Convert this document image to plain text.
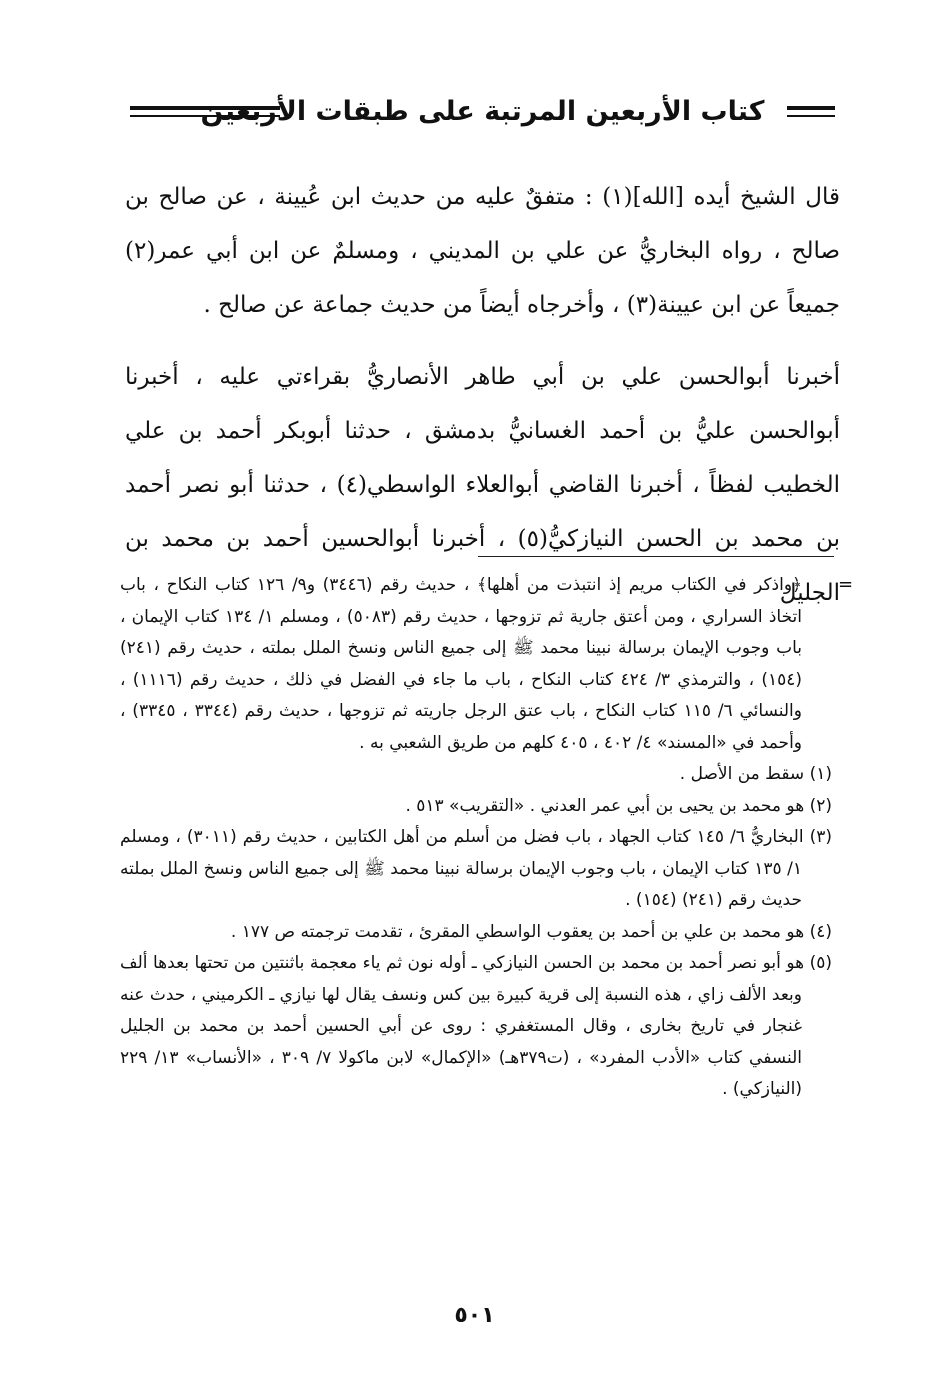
كتاب الأربعين المرتبة على طبقات الأربعين

قال الشيخ أيده [الله](١) : متفقٌ عليه من حديث ابن عُيينة ، عن صالح بن صالح ، رواه البخاريُّ عن علي بن المديني ، ومسلمٌ عن ابن أبي عمر(٢) جميعاً عن ابن عيينة(٣) ، وأخرجاه أيضاً من حديث جماعة عن صالح .

أخبرنا أبوالحسن علي بن أبي طاهر الأنصاريُّ بقراءتي عليه ، أخبرنا أبوالحسن عليُّ بن أحمد الغسانيُّ بدمشق ، حدثنا أبوبكر أحمد بن علي الخطيب لفظاً ، أخبرنا القاضي أبوالعلاء الواسطي(٤) ، حدثنا أبو نصر أحمد بن محمد بن الحسن النيازكيُّ(٥) ، أخبرنا أبوالحسين أحمد بن محمد بن الجليل

=

﴿واذكر في الكتاب مريم إذ انتبذت من أهلها﴾ ، حديث رقم (٣٤٤٦) و٩/ ١٢٦ كتاب النكاح ، باب اتخاذ السراري ، ومن أعتق جارية ثم تزوجها ، حديث رقم (٥٠٨٣) ، ومسلم ١/ ١٣٤ كتاب الإيمان ، باب وجوب الإيمان برسالة نبينا محمد ﷺ إلى جميع الناس ونسخ الملل بملته ، حديث رقم (٢٤١) (١٥٤) ، والترمذي ٣/ ٤٢٤ كتاب النكاح ، باب ما جاء في الفضل في ذلك ، حديث رقم (١١١٦) ، والنسائي ٦/ ١١٥ كتاب النكاح ، باب عتق الرجل جاريته ثم تزوجها ، حديث رقم (٣٣٤٤ ، ٣٣٤٥) ، وأحمد في «المسند» ٤/ ٤٠٢ ، ٤٠٥ كلهم من طريق الشعبي به .

(١) سقط من الأصل .

(٢) هو محمد بن يحيى بن أبي عمر العدني . «التقريب» ٥١٣ .

(٣) البخاريُّ ٦/ ١٤٥ كتاب الجهاد ، باب فضل من أسلم من أهل الكتابين ، حديث رقم (٣٠١١) ، ومسلم ١/ ١٣٥ كتاب الإيمان ، باب وجوب الإيمان برسالة نبينا محمد ﷺ إلى جميع الناس ونسخ الملل بملته حديث رقم (٢٤١) (١٥٤) .

(٤) هو محمد بن علي بن أحمد بن يعقوب الواسطي المقرئ ، تقدمت ترجمته ص ١٧٧ .

(٥) هو أبو نصر أحمد بن محمد بن الحسن النيازكي ـ أوله نون ثم ياء معجمة باثنتين من تحتها بعدها ألف وبعد الألف زاي ، هذه النسبة إلى قرية كبيرة بين كس ونسف يقال لها نيازي ـ الكرميني ، حدث عنه غنجار في تاريخ بخارى ، وقال المستغفري : روى عن أبي الحسين أحمد بن محمد بن الجليل النسفي كتاب «الأدب المفرد» ، (ت٣٧٩هـ) «الإكمال» لابن ماكولا ٧/ ٣٠٩ ، «الأنساب» ١٣/ ٢٢٩ (النيازكي) .

٥٠١
